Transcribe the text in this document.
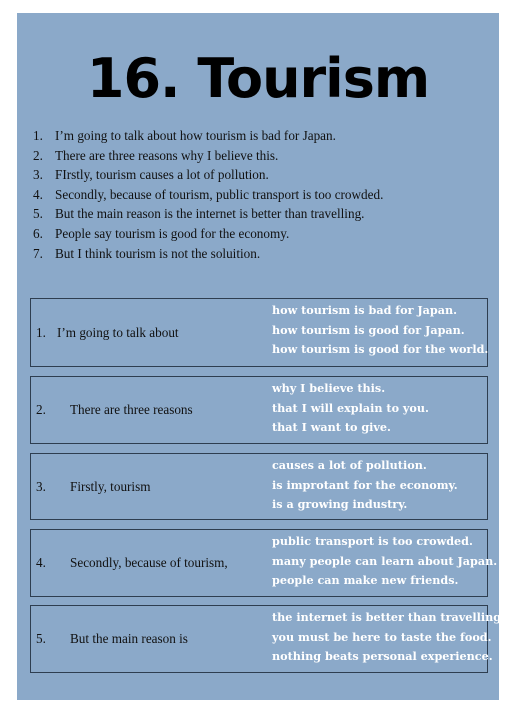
16. Tourism
1. I’m going to talk about how tourism is bad for Japan.
2. There are three reasons why I believe this.
3. FIrstly, tourism causes a lot of pollution.
4. Secondly, because of tourism, public transport is too crowded.
5. But the main reason is the internet is better than travelling.
6. People say tourism is good for the economy.
7. But I think tourism is not the soluition.
1. I’m going to talk about
how tourism is bad for Japan.
how tourism is good for Japan.
how tourism is good for the world.
2. There are three reasons
why I believe this.
that I will explain to you.
that I want to give.
3. Firstly, tourism
causes a lot of pollution.
is improtant for the economy.
is a growing industry.
4. Secondly, because of tourism,
public transport is too crowded.
many people can learn about Japan.
people can make new friends.
5. But the main reason is
the internet is better than travelling.
you must be here to taste the food.
nothing beats personal experience.
